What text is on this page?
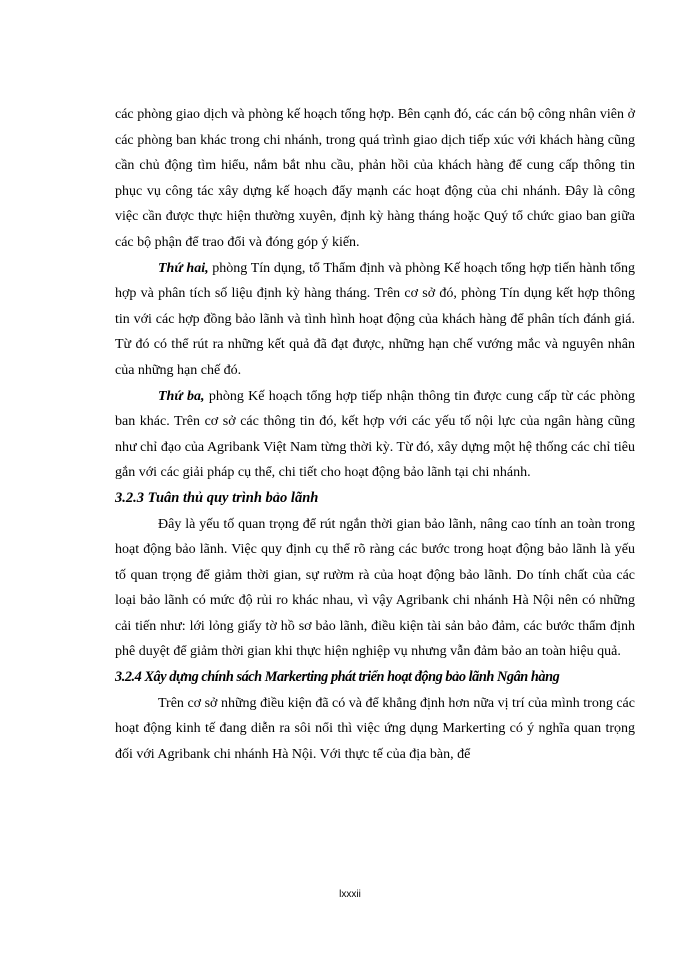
các phòng giao dịch và phòng kế hoạch tổng hợp. Bên cạnh đó, các cán bộ công nhân viên ở các phòng ban khác trong chi nhánh, trong quá trình giao dịch tiếp xúc với khách hàng cũng cần chủ động tìm hiểu, nắm bắt nhu cầu, phản hồi của khách hàng để cung cấp thông tin phục vụ công tác xây dựng kế hoạch đẩy mạnh các hoạt động của chi nhánh. Đây là công việc cần được thực hiện thường xuyên, định kỳ hàng tháng hoặc Quý tổ chức giao ban giữa các bộ phận để trao đổi và đóng góp ý kiến.

Thứ hai, phòng Tín dụng, tổ Thẩm định và phòng Kế hoạch tổng hợp tiến hành tổng hợp và phân tích số liệu định kỳ hàng tháng. Trên cơ sở đó, phòng Tín dụng kết hợp thông tin với các hợp đồng bảo lãnh và tình hình hoạt động của khách hàng để phân tích đánh giá. Từ đó có thể rút ra những kết quả đã đạt được, những hạn chế vướng mắc và nguyên nhân của những hạn chế đó.

Thứ ba, phòng Kế hoạch tổng hợp tiếp nhận thông tin được cung cấp từ các phòng ban khác. Trên cơ sở các thông tin đó, kết hợp với các yếu tố nội lực của ngân hàng cũng như chỉ đạo của Agribank Việt Nam từng thời kỳ. Từ đó, xây dựng một hệ thống các chỉ tiêu gắn với các giải pháp cụ thể, chi tiết cho hoạt động bảo lãnh tại chi nhánh.

3.2.3 Tuân thủ quy trình bảo lãnh

Đây là yếu tố quan trọng để rút ngắn thời gian bảo lãnh, nâng cao tính an toàn trong hoạt động bảo lãnh. Việc quy định cụ thể rõ ràng các bước trong hoạt động bảo lãnh là yếu tố quan trọng để giảm thời gian, sự rườm rà của hoạt động bảo lãnh. Do tính chất của các loại bảo lãnh có mức độ rủi ro khác nhau, vì vậy Agribank chi nhánh Hà Nội nên có những cải tiến như: lới lỏng giấy tờ hồ sơ bảo lãnh, điều kiện tài sản bảo đảm, các bước thẩm định phê duyệt để giảm thời gian khi thực hiện nghiệp vụ nhưng vẫn đảm bảo an toàn hiệu quả.

3.2.4 Xây dựng chính sách Markerting phát triển hoạt động bảo lãnh Ngân hàng

Trên cơ sở những điều kiện đã có và để khẳng định hơn nữa vị trí của mình trong các hoạt động kinh tế đang diễn ra sôi nổi thì việc ứng dụng Markerting có ý nghĩa quan trọng đối với Agribank chi nhánh Hà Nội. Với thực tế của địa bàn, để

lxxxii
